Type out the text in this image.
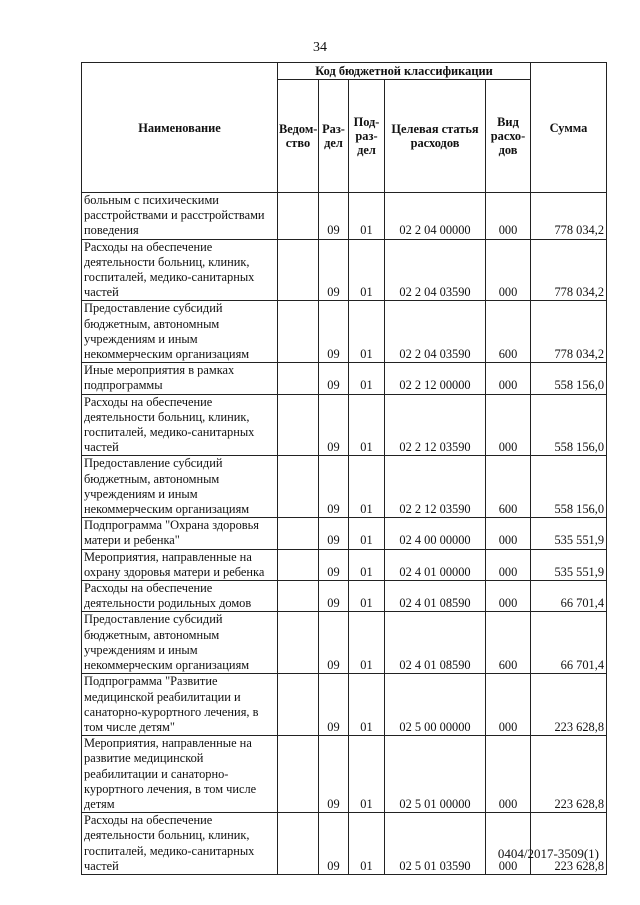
34
Наименование	Код бюджетной классификации					Сумма
	Ведом-ство	Раз-дел	Под-раз-дел	Целевая статья расходов	Вид расхо-дов	
больным с психическими расстройствами и расстройствами поведения		09	01	02 2 04 00000	000	778 034,2
Расходы на обеспечение деятельности больниц, клиник, госпиталей, медико-санитарных частей		09	01	02 2 04 03590	000	778 034,2
Предоставление субсидий бюджетным, автономным учреждениям и иным некоммерческим организациям		09	01	02 2 04 03590	600	778 034,2
Иные мероприятия в рамках подпрограммы		09	01	02 2 12 00000	000	558 156,0
Расходы на обеспечение деятельности больниц, клиник, госпиталей, медико-санитарных частей		09	01	02 2 12 03590	000	558 156,0
Предоставление субсидий бюджетным, автономным учреждениям и иным некоммерческим организациям		09	01	02 2 12 03590	600	558 156,0
Подпрограмма "Охрана здоровья матери и ребенка"		09	01	02 4 00 00000	000	535 551,9
Мероприятия, направленные на охрану здоровья матери и ребенка		09	01	02 4 01 00000	000	535 551,9
Расходы на обеспечение деятельности родильных домов		09	01	02 4 01 08590	000	66 701,4
Предоставление субсидий бюджетным, автономным учреждениям и иным некоммерческим организациям		09	01	02 4 01 08590	600	66 701,4
Подпрограмма "Развитие медицинской реабилитации и санаторно-курортного лечения, в том числе детям"		09	01	02 5 00 00000	000	223 628,8
Мероприятия, направленные на развитие медицинской реабилитации и санаторно-курортного лечения, в том числе детям		09	01	02 5 01 00000	000	223 628,8
Расходы на обеспечение деятельности больниц, клиник, госпиталей, медико-санитарных частей		09	01	02 5 01 03590	000	223 628,8
0404/2017-3509(1)
